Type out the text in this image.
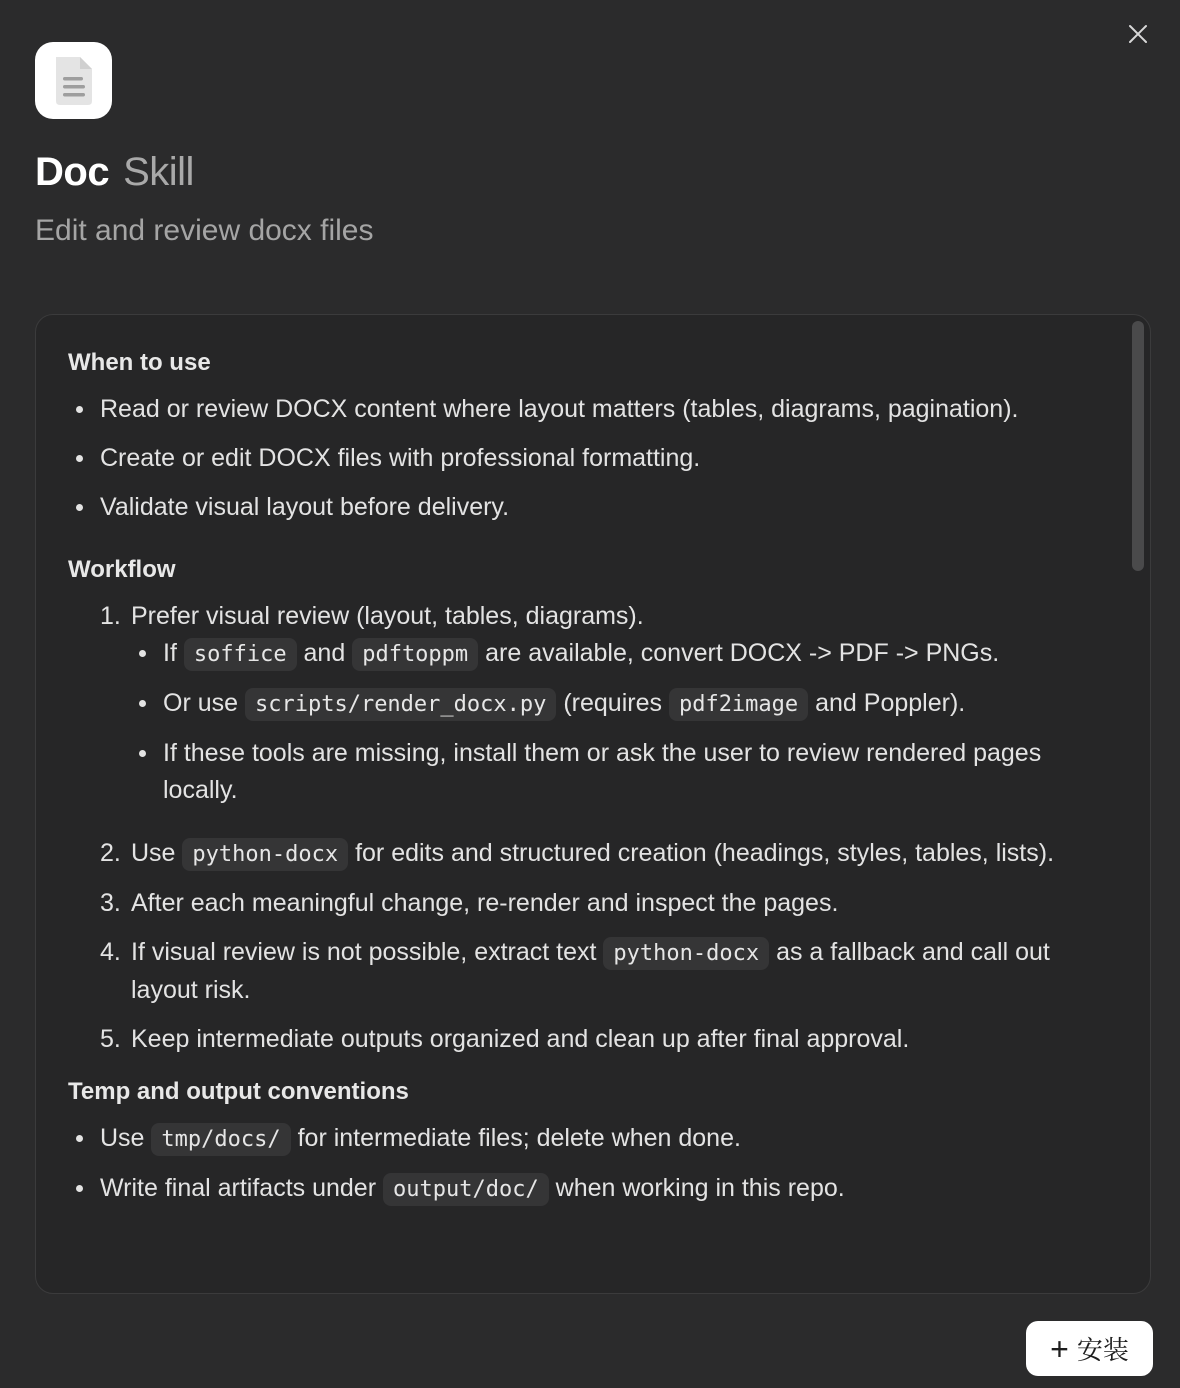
Doc Skill
Edit and review docx files
When to use
Read or review DOCX content where layout matters (tables, diagrams, pagination).
Create or edit DOCX files with professional formatting.
Validate visual layout before delivery.
Workflow
1. Prefer visual review (layout, tables, diagrams).
If soffice and pdftoppm are available, convert DOCX -> PDF -> PNGs.
Or use scripts/render_docx.py (requires pdf2image and Poppler).
If these tools are missing, install them or ask the user to review rendered pages locally.
2. Use python-docx for edits and structured creation (headings, styles, tables, lists).
3. After each meaningful change, re-render and inspect the pages.
4. If visual review is not possible, extract text python-docx as a fallback and call out layout risk.
5. Keep intermediate outputs organized and clean up after final approval.
Temp and output conventions
Use tmp/docs/ for intermediate files; delete when done.
Write final artifacts under output/doc/ when working in this repo.
+ 安装
